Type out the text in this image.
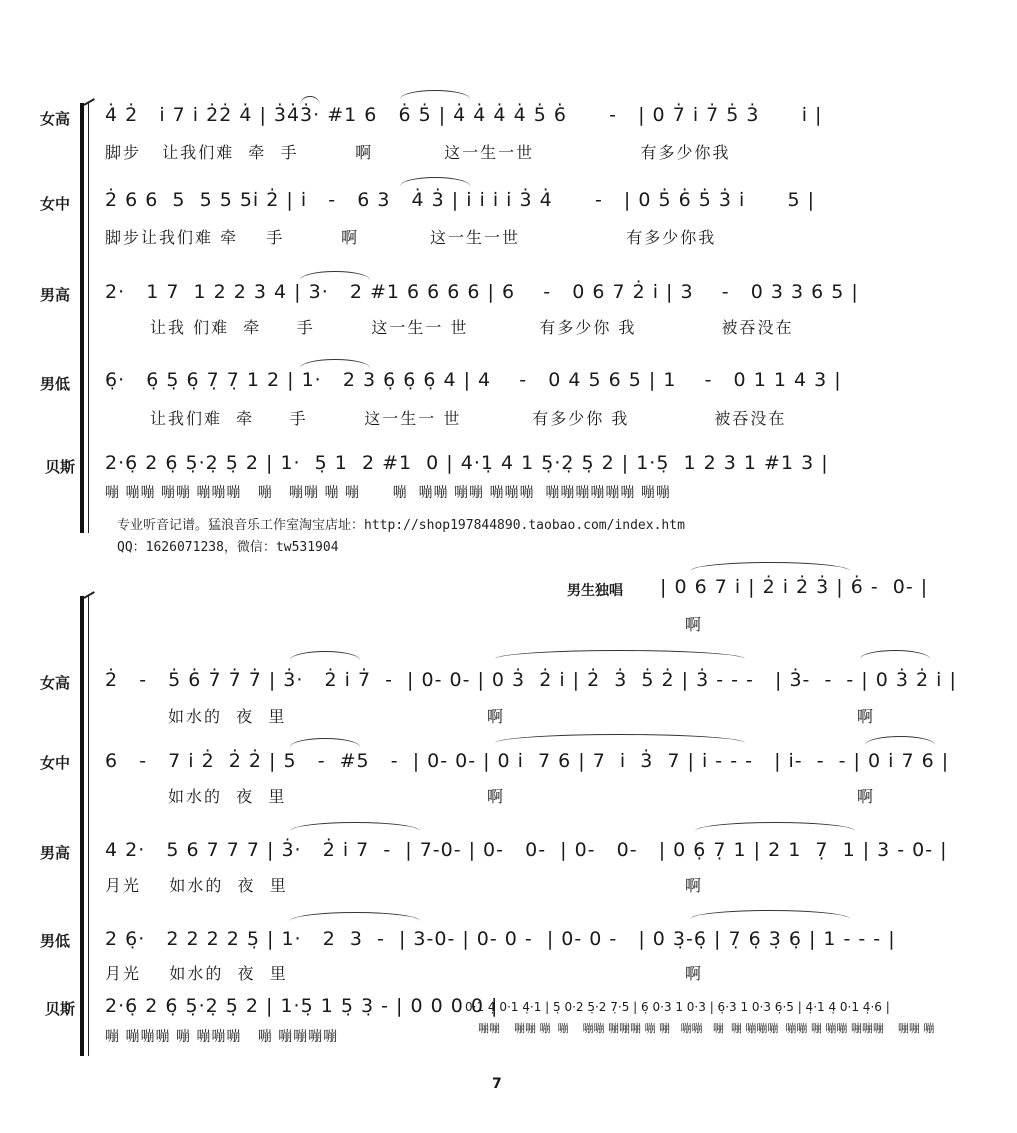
女高 4̇ 2̇   i̇ 7 i̇ 2̇2̇ 4̇ | 3̇4̇3̇· #1 6   6̇ 5̇ | 4̇ 4̇ 4̇ 4̇ 5̇ 6̇      -   | 0 7̇ i̇ 7̇ 5̇ 3̇      i̇ |
脚步   让我们难  牵  手        啊          这一生一世               有多少你我
女中 2̇ 6 6  5  5 5 5i̇ 2̇ | i̇   -   6 3   4̇ 3̇ | i̇ i̇ i̇ i̇ 3̇ 4̇      -   | 0 5̇ 6̇ 5̇ 3̇ i̇      5 |
脚步让我们难 牵    手        啊          这一生一世               有多少你我
男高 2·   1 7  1 2 2 3 4 | 3·   2 #1 6 6 6 6 | 6    -   0 6 7 2̇ i̇ | 3    -   0 3 3 6 5 |
让我 们难  牵     手        这一生一 世          有多少你 我            被吞没在
男低 6̣·   6̣ 5̣ 6̣ 7̣ 7̣ 1 2 | 1·   2 3 6̣ 6̣ 6̣ 4 | 4    -   0 4 5 6 5 | 1    -   0 1 1 4 3 |
让我们难  牵     手        这一生一 世          有多少你 我            被吞没在
贝斯 2·6̣ 2 6̣ 5̣·2̣ 5̣ 2 | 1·  5̣ 1  2 #1  0 | 4·1̣ 4 1 5̣·2̣ 5̣ 2 | 1·5̣  1 2 3 1 #1 3 |
嘣 嘣嘣 嘣嘣 嘣嘣嘣   嘣   嘣嘣 嘣 嘣      嘣  嘣嘣 嘣嘣 嘣嘣嘣  嘣嘣嘣嘣嘣嘣 嘣嘣
专业听音记谱。猛浪音乐工作室淘宝店址：http://shop197844890.taobao.com/index.htm
QQ：1626071238，微信：tw531904
男生独唱 | 0 6 7 i̇ | 2̇ i̇ 2̇ 3̇ | 6̇ -  0- |
啊
女高 2̇   -   5̇ 6̇ 7̇ 7̇ 7̇ | 3̇·   2̇ i̇ 7̇  -  | 0- 0- | 0 3̇  2̇ i̇ | 2̇  3̇  5̇ 2̇ | 3̇ - - -   | 3̇-  -  - | 0 3̇ 2̇ i̇ |
如水的  夜  里	啊	啊
女中 6   -   7 i̇ 2̇  2̇ 2̇ | 5   -  #5   -  | 0- 0- | 0 i̇  7 6 | 7  i̇  3̇  7 | i̇ - - -   | i̇-  -  - | 0 i̇ 7 6 |
如水的  夜  里	啊	啊
男高 4 2·   5 6 7 7 7 | 3̇·   2̇ i̇ 7  -  | 7-0- | 0-   0-  | 0-   0-   | 0 6̣ 7̣ 1 | 2 1  7̣  1 | 3 - 0- |
月光    如水的  夜  里	啊
男低 2 6̣·   2 2 2 2 5̣ | 1·   2  3  -  | 3-0- | 0- 0 -  | 0- 0 -   | 0 3̣-6̣ | 7̣ 6̣ 3̣ 6̣ | 1 - - - |
月光    如水的  夜  里	啊
贝斯 2·6̣ 2 6̣ 5̣·2̣ 5̣ 2 | 1·5̣ 1 5̣ 3̣ - | 0 0 0 0 |
嘣 嘣嘣嘣 嘣 嘣嘣嘣   嘣 嘣嘣嘣嘣
0·1 4̣ 0·1 4̣·1 | 5̣ 0·2 5̣·2 7̣·5 | 6̣ 0·3 1 0·3 | 6̣·3 1 0·3 6̣·5 | 4̣·1 4̣ 0·1 4̣·6 |
嘣嘣    嘣嘣 嘣  嘣    嘣嘣 嘣嘣嘣 嘣 嘣   嘣嘣   嘣  嘣 嘣嘣嘣  嘣嘣 嘣 嘣嘣 嘣嘣嘣    嘣嘣 嘣
7
